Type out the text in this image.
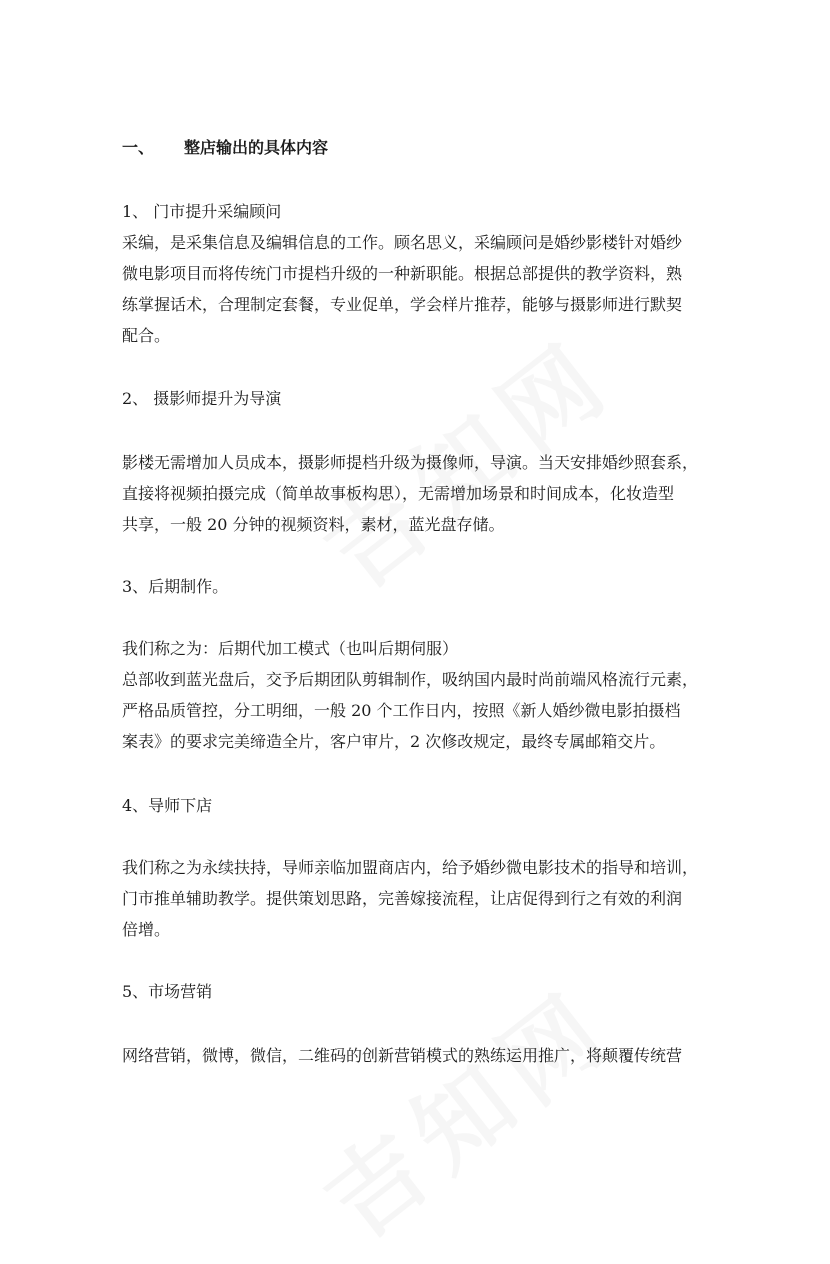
一、 整店输出的具体内容
1、 门市提升采编顾问
采编，是采集信息及编辑信息的工作。顾名思义，采编顾问是婚纱影楼针对婚纱
微电影项目而将传统门市提档升级的一种新职能。根据总部提供的教学资料，熟
练掌握话术，合理制定套餐，专业促单，学会样片推荐，能够与摄影师进行默契
配合。
2、 摄影师提升为导演
影楼无需增加人员成本，摄影师提档升级为摄像师，导演。当天安排婚纱照套系，
直接将视频拍摄完成（简单故事板构思），无需增加场景和时间成本，化妆造型
共享，一般 20 分钟的视频资料，素材，蓝光盘存储。
3、后期制作。
我们称之为：后期代加工模式（也叫后期伺服）
总部收到蓝光盘后，交予后期团队剪辑制作，吸纳国内最时尚前端风格流行元素，
严格品质管控，分工明细，一般 20 个工作日内，按照《新人婚纱微电影拍摄档
案表》的要求完美缔造全片，客户审片，2 次修改规定，最终专属邮箱交片。
4、导师下店
我们称之为永续扶持，导师亲临加盟商店内，给予婚纱微电影技术的指导和培训，
门市推单辅助教学。提供策划思路，完善嫁接流程，让店促得到行之有效的利润
倍增。
5、市场营销
网络营销，微博，微信，二维码的创新营销模式的熟练运用推广，将颠覆传统营
